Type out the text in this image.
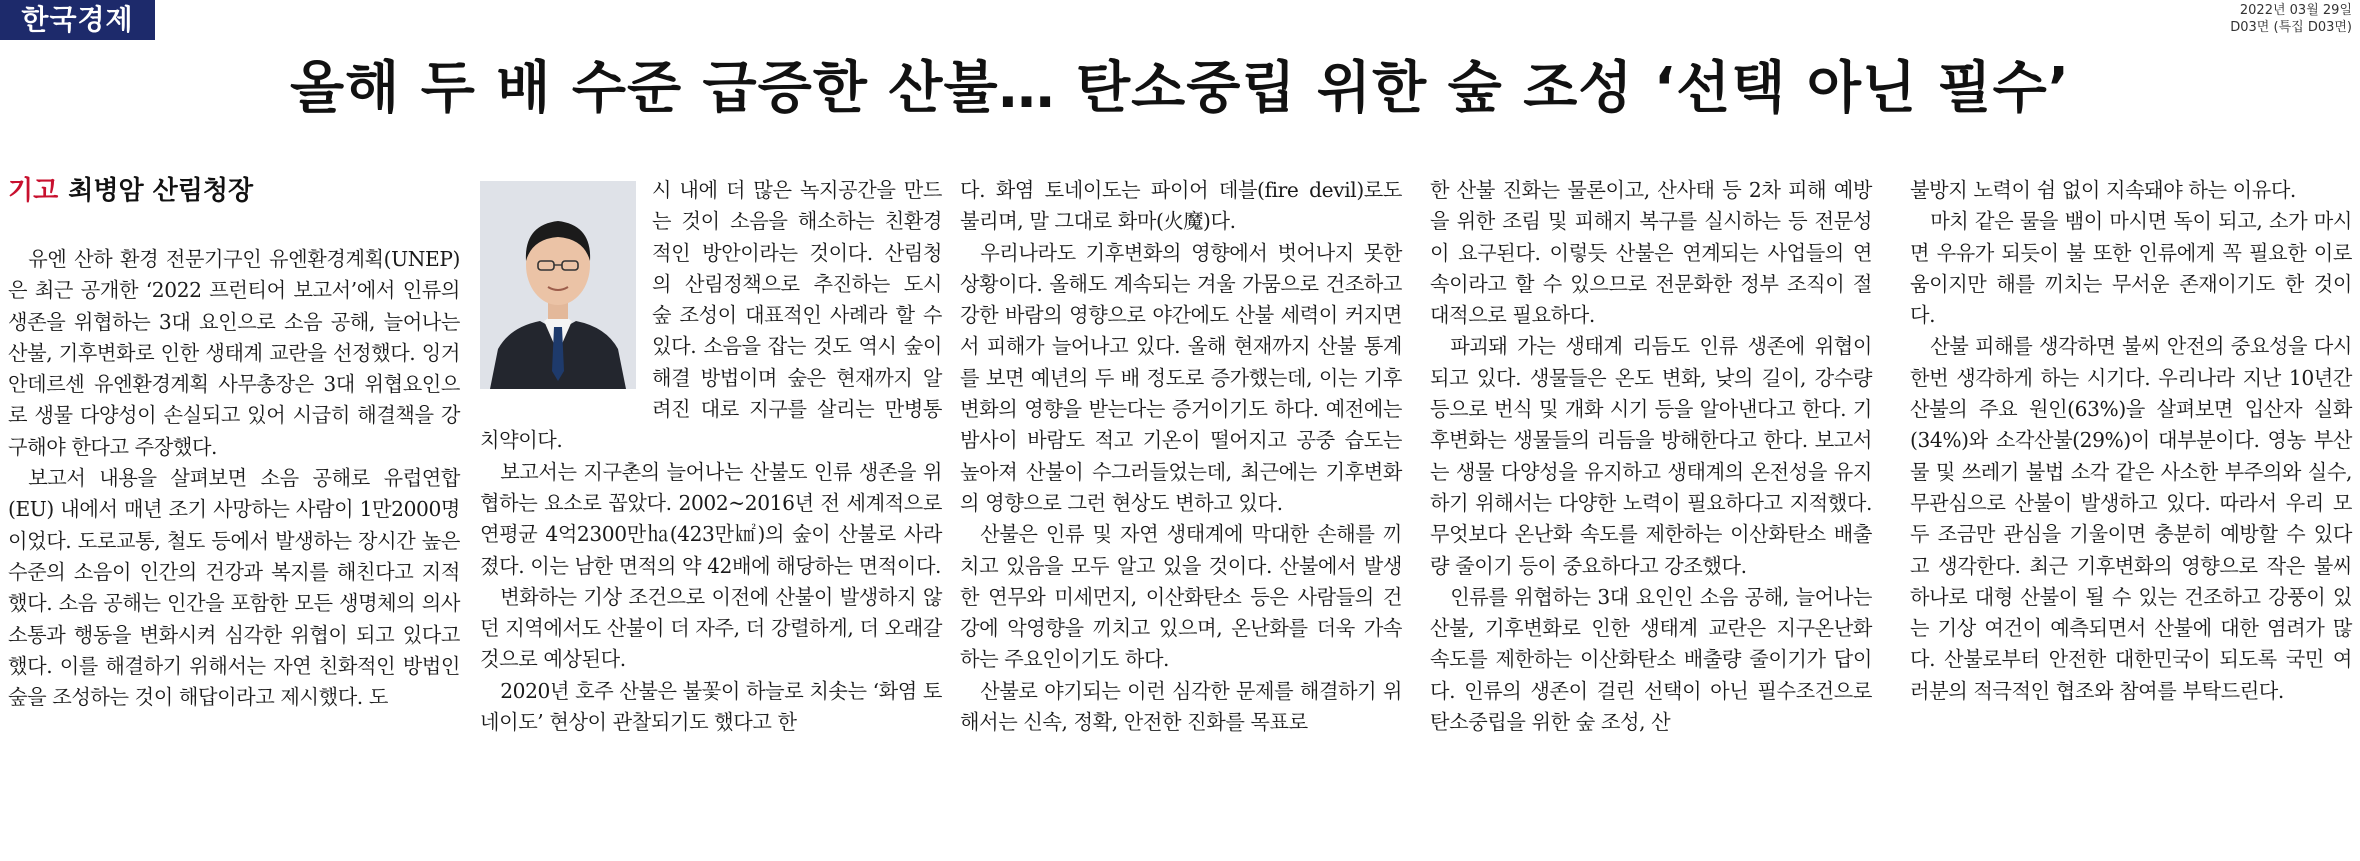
한국경제	2022년 03월 29일
D03면 (특집 D03면)
올해 두 배 수준 급증한 산불… 탄소중립 위한 숲 조성 ‘선택 아닌 필수’
기고 최병암 산림청장

유엔 산하 환경 전문기구인 유엔환경계획(UNEP)은 최근 공개한 ‘2022 프런티어 보고서’에서 인류의 생존을 위협하는 3대 요인으로 소음 공해, 늘어나는 산불, 기후변화로 인한 생태계 교란을 선정했다. 잉거 안데르센 유엔환경계획 사무총장은 3대 위협요인으로 생물 다양성이 손실되고 있어 시급히 해결책을 강구해야 한다고 주장했다.

보고서 내용을 살펴보면 소음 공해로 유럽연합(EU) 내에서 매년 조기 사망하는 사람이 1만2000명이었다. 도로교통, 철도 등에서 발생하는 장시간 높은 수준의 소음이 인간의 건강과 복지를 해친다고 지적했다. 소음 공해는 인간을 포함한 모든 생명체의 의사소통과 행동을 변화시켜 심각한 위협이 되고 있다고 했다. 이를 해결하기 위해서는 자연 친화적인 방법인 숲을 조성하는 것이 해답이라고 제시했다. 도

시 내에 더 많은 녹지공간을 만드는 것이 소음을 해소하는 친환경적인 방안이라는 것이다. 산림청의 산림정책으로 추진하는 도시 숲 조성이 대표적인 사례라 할 수 있다. 소음을 잡는 것도 역시 숲이 해결 방법이며 숲은 현재까지 알려진 대로 지구를 살리는 만병통치약이다.

보고서는 지구촌의 늘어나는 산불도 인류 생존을 위협하는 요소로 꼽았다. 2002~2016년 전 세계적으로 연평균 4억2300만㏊(423만㎢)의 숲이 산불로 사라졌다. 이는 남한 면적의 약 42배에 해당하는 면적이다.

변화하는 기상 조건으로 이전에 산불이 발생하지 않던 지역에서도 산불이 더 자주, 더 강렬하게, 더 오래갈 것으로 예상된다.

2020년 호주 산불은 불꽃이 하늘로 치솟는 ‘화염 토네이도’ 현상이 관찰되기도 했다고 한

다. 화염 토네이도는 파이어 데블(fire devil)로도 불리며, 말 그대로 화마(火魔)다.

우리나라도 기후변화의 영향에서 벗어나지 못한 상황이다. 올해도 계속되는 겨울 가뭄으로 건조하고 강한 바람의 영향으로 야간에도 산불 세력이 커지면서 피해가 늘어나고 있다. 올해 현재까지 산불 통계를 보면 예년의 두 배 정도로 증가했는데, 이는 기후변화의 영향을 받는다는 증거이기도 하다. 예전에는 밤사이 바람도 적고 기온이 떨어지고 공중 습도는 높아져 산불이 수그러들었는데, 최근에는 기후변화의 영향으로 그런 현상도 변하고 있다.

산불은 인류 및 자연 생태계에 막대한 손해를 끼치고 있음을 모두 알고 있을 것이다. 산불에서 발생한 연무와 미세먼지, 이산화탄소 등은 사람들의 건강에 악영향을 끼치고 있으며, 온난화를 더욱 가속하는 주요인이기도 하다.

산불로 야기되는 이런 심각한 문제를 해결하기 위해서는 신속, 정확, 안전한 진화를 목표로

한 산불 진화는 물론이고, 산사태 등 2차 피해 예방을 위한 조림 및 피해지 복구를 실시하는 등 전문성이 요구된다. 이렇듯 산불은 연계되는 사업들의 연속이라고 할 수 있으므로 전문화한 정부 조직이 절대적으로 필요하다.

파괴돼 가는 생태계 리듬도 인류 생존에 위협이 되고 있다. 생물들은 온도 변화, 낮의 길이, 강수량 등으로 번식 및 개화 시기 등을 알아낸다고 한다. 기후변화는 생물들의 리듬을 방해한다고 한다. 보고서는 생물 다양성을 유지하고 생태계의 온전성을 유지하기 위해서는 다양한 노력이 필요하다고 지적했다. 무엇보다 온난화 속도를 제한하는 이산화탄소 배출량 줄이기 등이 중요하다고 강조했다.

인류를 위협하는 3대 요인인 소음 공해, 늘어나는 산불, 기후변화로 인한 생태계 교란은 지구온난화 속도를 제한하는 이산화탄소 배출량 줄이기가 답이다. 인류의 생존이 걸린 선택이 아닌 필수조건으로 탄소중립을 위한 숲 조성, 산

불방지 노력이 쉼 없이 지속돼야 하는 이유다.

마치 같은 물을 뱀이 마시면 독이 되고, 소가 마시면 우유가 되듯이 불 또한 인류에게 꼭 필요한 이로움이지만 해를 끼치는 무서운 존재이기도 한 것이다.

산불 피해를 생각하면 불씨 안전의 중요성을 다시 한번 생각하게 하는 시기다. 우리나라 지난 10년간 산불의 주요 원인(63%)을 살펴보면 입산자 실화(34%)와 소각산불(29%)이 대부분이다. 영농 부산물 및 쓰레기 불법 소각 같은 사소한 부주의와 실수, 무관심으로 산불이 발생하고 있다. 따라서 우리 모두 조금만 관심을 기울이면 충분히 예방할 수 있다고 생각한다. 최근 기후변화의 영향으로 작은 불씨 하나로 대형 산불이 될 수 있는 건조하고 강풍이 있는 기상 여건이 예측되면서 산불에 대한 염려가 많다. 산불로부터 안전한 대한민국이 되도록 국민 여러분의 적극적인 협조와 참여를 부탁드린다.
